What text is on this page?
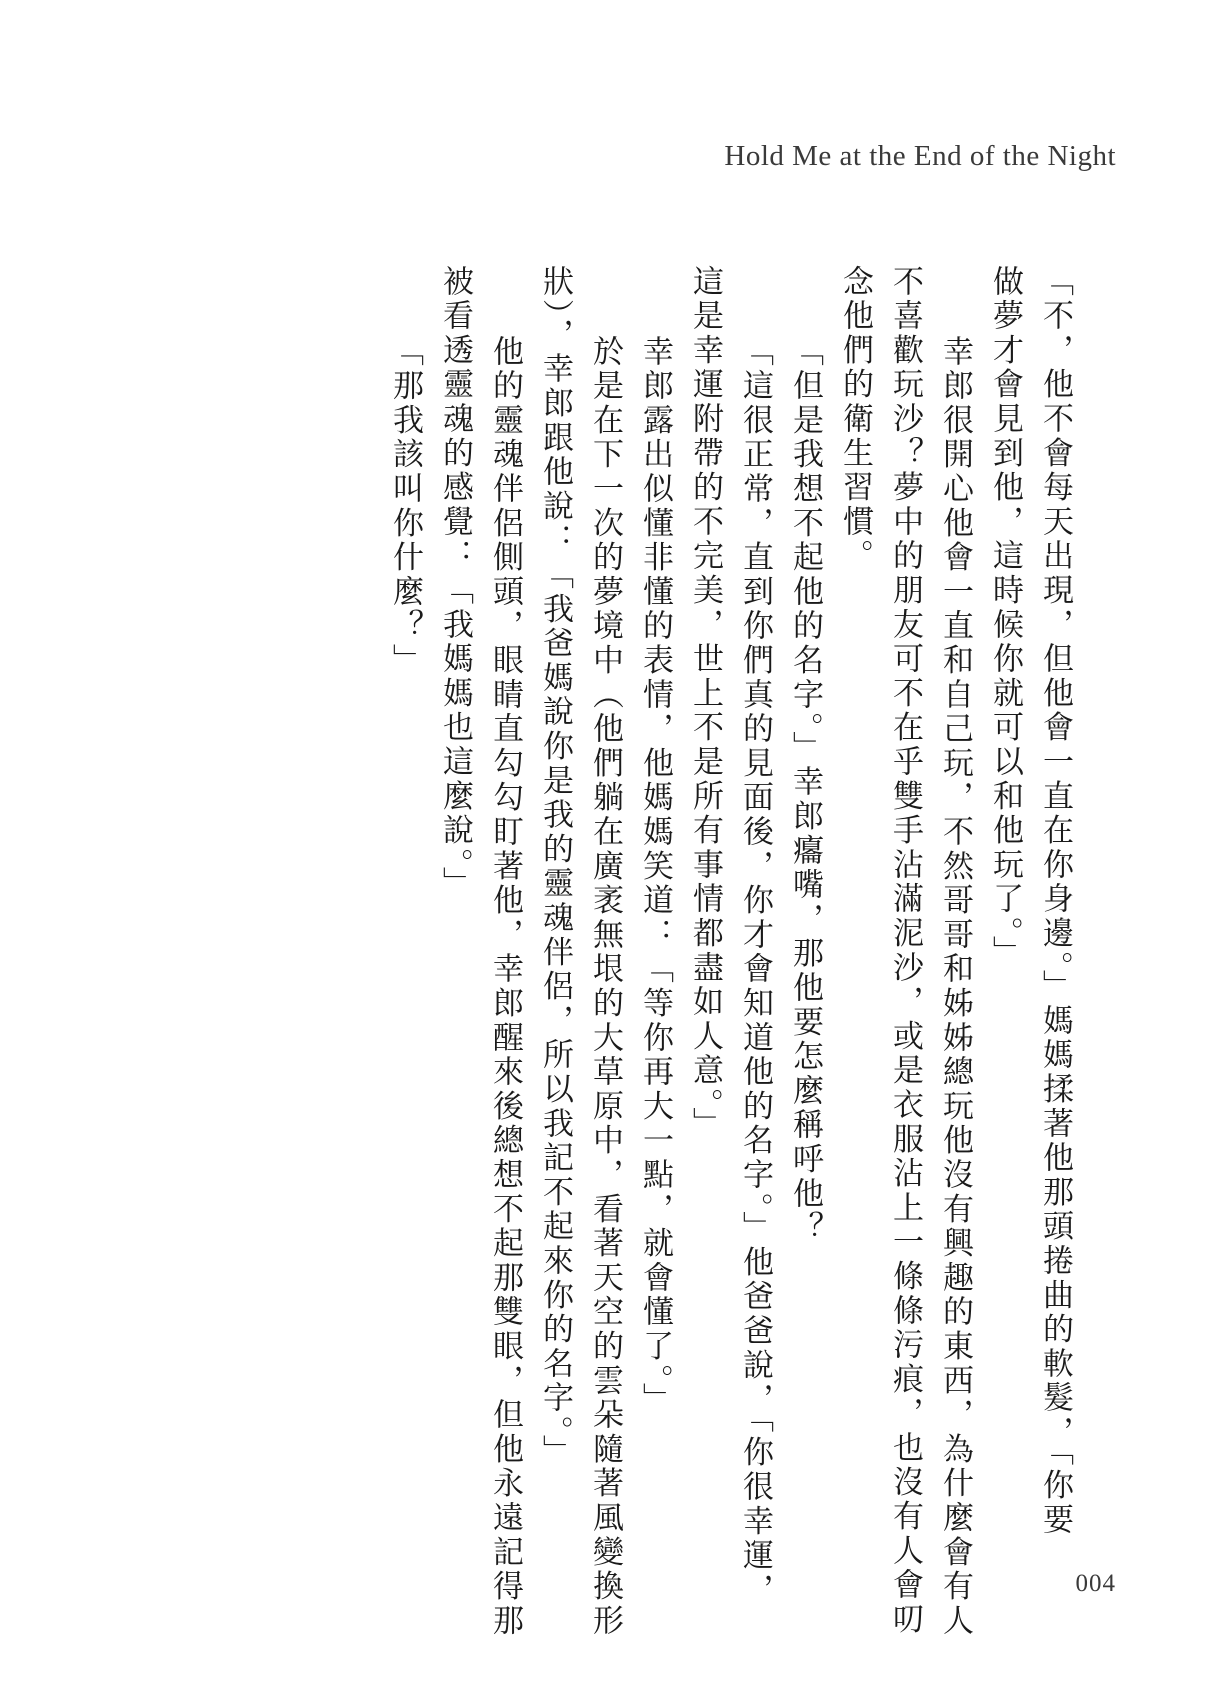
Hold Me at the End of the Night
「不，他不會每天出現，但他會一直在你身邊。」媽媽揉著他那頭捲曲的軟髮，「你要
做夢才會見到他，這時候你就可以和他玩了。」
幸郎很開心他會一直和自己玩，不然哥哥和姊姊總玩他沒有興趣的東西，為什麼會有人
不喜歡玩沙？夢中的朋友可不在乎雙手沾滿泥沙，或是衣服沾上一條條污痕，也沒有人會叨
念他們的衛生習慣。
「但是我想不起他的名字。」幸郎癟嘴，那他要怎麼稱呼他？
「這很正常，直到你們真的見面後，你才會知道他的名字。」他爸爸說，「你很幸運，
這是幸運附帶的不完美，世上不是所有事情都盡如人意。」
幸郎露出似懂非懂的表情，他媽媽笑道：「等你再大一點，就會懂了。」
於是在下一次的夢境中（他們躺在廣袤無垠的大草原中，看著天空的雲朵隨著風變換形
狀），幸郎跟他說：「我爸媽說你是我的靈魂伴侶，所以我記不起來你的名字。」
他的靈魂伴侶側頭，眼睛直勾勾盯著他，幸郎醒來後總想不起那雙眼，但他永遠記得那
被看透靈魂的感覺：「我媽媽也這麼說。」
「那我該叫你什麼？」
004
